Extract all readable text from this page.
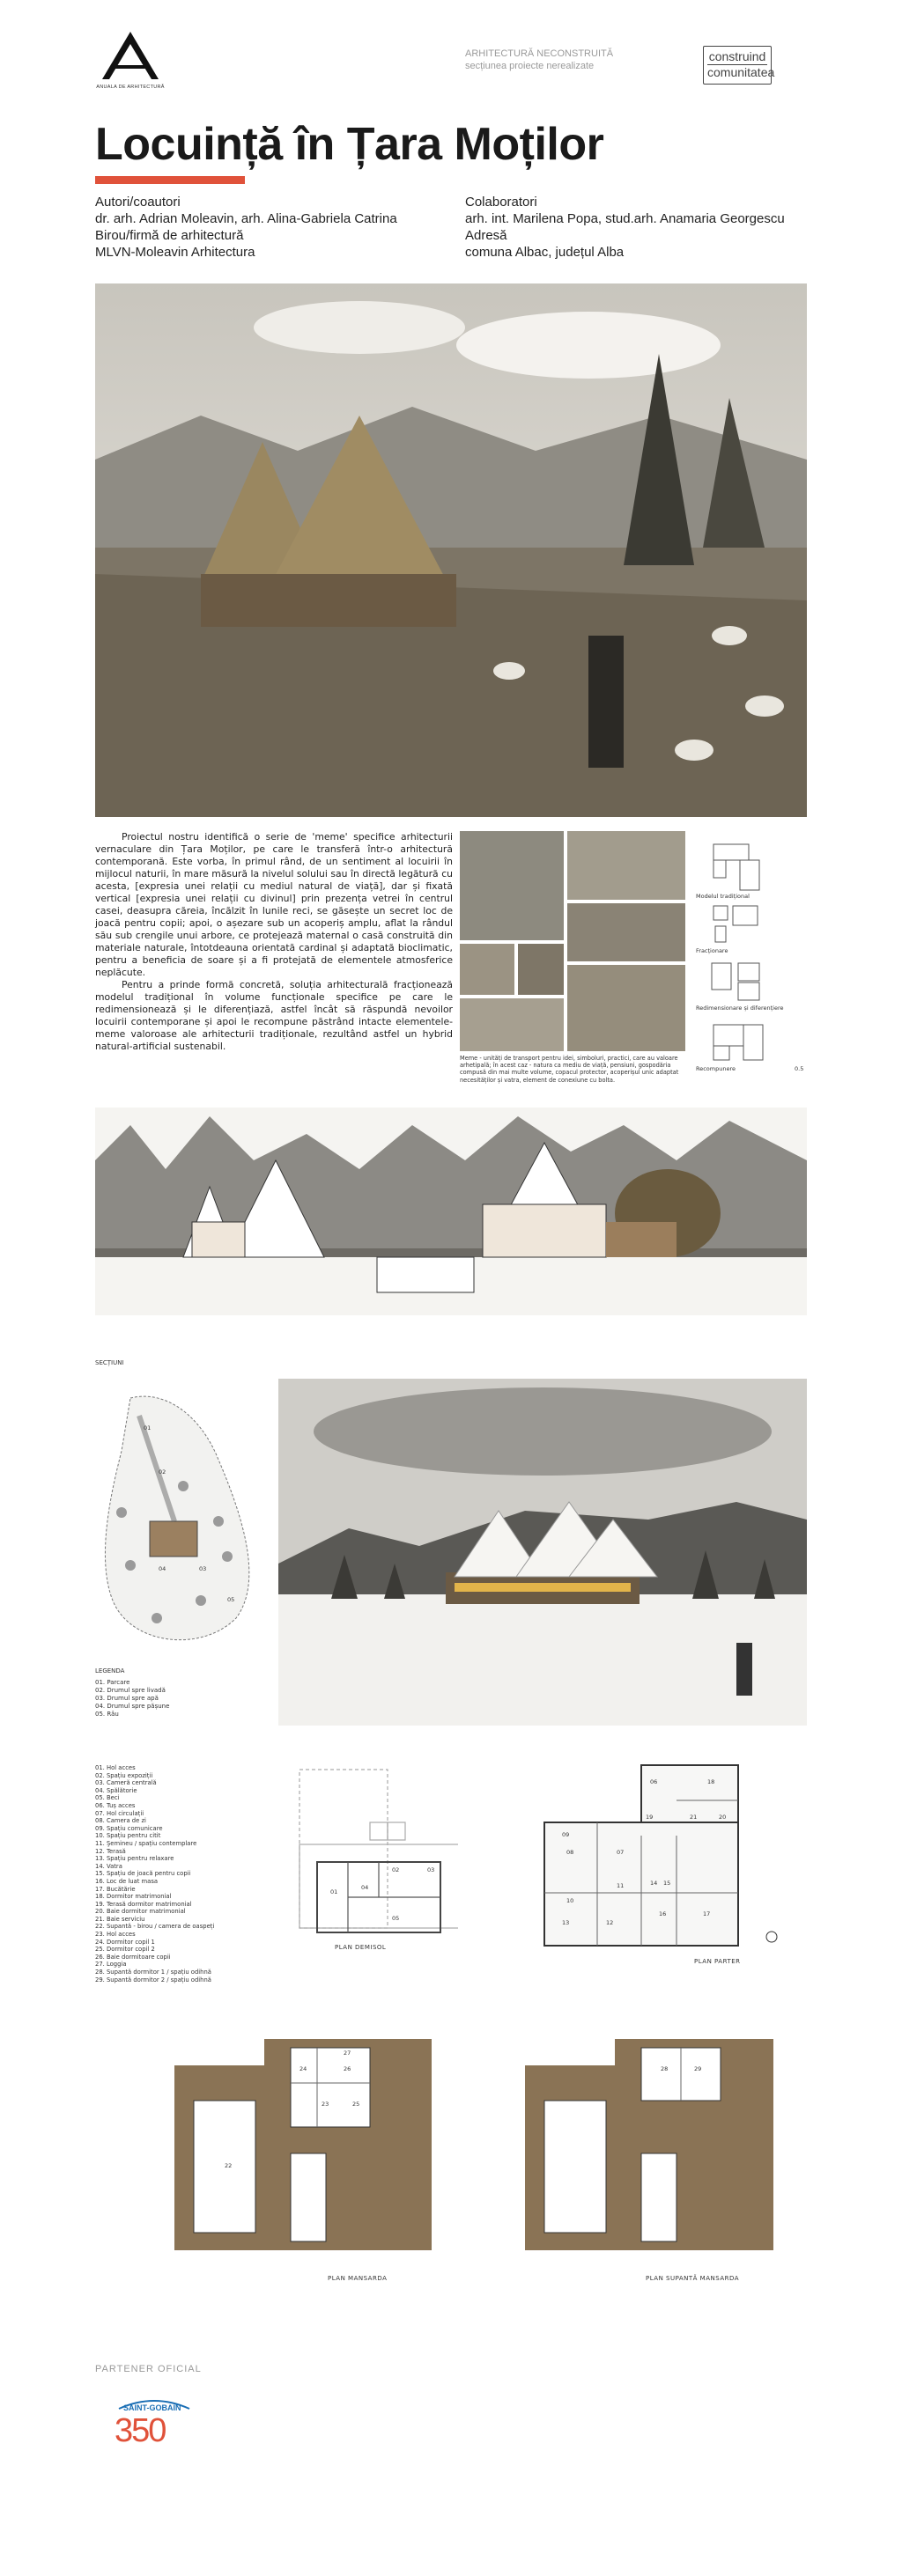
ANUALA DE ARHITECTURĂ
ARHITECTURĂ NECONSTRUITĂ
secțiunea proiecte nerealizate
construind
comunitatea
Locuință în Țara Moților
Autori/coautori
dr. arh. Adrian Moleavin, arh. Alina-Gabriela Catrina
Birou/firmă de arhitectură
MLVN-Moleavin Arhitectura
Colaboratori
arh. int. Marilena Popa, stud.arh. Anamaria Georgescu
Adresă
comuna Albac, județul Alba

Proiectul nostru identifică o serie de 'meme' specifice arhitecturii vernaculare din Țara Moților, pe care le transferă într-o arhitectură contemporană. Este vorba, în primul rând, de un sentiment al locuirii în mijlocul naturii, în mare măsură la nivelul solului sau în directă legătură cu acesta, [expresia unei relații cu mediul natural de viață], dar și fixată vertical [expresia unei relații cu divinul] prin prezența vetrei în centrul casei, deasupra căreia, încălzit în lunile reci, se găsește un secret loc de joacă pentru copii; apoi, o așezare sub un acoperiș amplu, aflat la rândul său sub crengile unui arbore, ce protejează maternal o casă construită din materiale naturale, întotdeauna orientată cardinal și adaptată bioclimatic, pentru a beneficia de soare și a fi protejată de elementele atmosferice neplăcute.

Pentru a prinde formă concretă, soluția arhitecturală fracționează modelul tradițional în volume funcționale specifice pe care le redimensionează și le diferențiază, astfel încât să răspundă nevoilor locuirii contemporane și apoi le recompune păstrând intacte elementele-meme valoroase ale arhitecturii tradiționale, rezultând astfel un hybrid natural-artificial sustenabil.

Meme - unități de transport pentru idei, simboluri, practici, care au valoare arhetipală; în acest caz - natura ca mediu de viață, pensiuni, gospodăria compusă din mai multe volume, copacul protector, acoperișul unic adaptat necesităților și vatra, element de conexiune cu bolta.
Modelul tradițional
Fracționare
Redimensionare și diferențiere
Recompunere	0.5
SECȚIUNI
01
02
03
04
05
LEGENDA
01. Parcare
02. Drumul spre livadă
03. Drumul spre apă
04. Drumul spre pășune
05. Râu
01. Hol acces
02. Spațiu expoziții
03. Cameră centrală
04. Spălătorie
05. Beci
06. Tuș acces
07. Hol circulații
08. Camera de zi
09. Spațiu comunicare
10. Spațiu pentru citit
11. Şemineu / spațiu contemplare
12. Terasă
13. Spațiu pentru relaxare
14. Vatra
15. Spațiu de joacă pentru copii
16. Loc de luat masa
17. Bucătărie
18. Dormitor matrimonial
19. Terasă dormitor matrimonial
20. Baie dormitor matrimonial
21. Baie serviciu
22. Supantă - birou / camera de oaspeți
23. Hol acces
24. Dormitor copil 1
25. Dormitor copil 2
26. Baie dormitoare copii
27. Loggia
28. Supantă dormitor 1 / spațiu odihnă
29. Supantă dormitor 2 / spațiu odihnă
01
02	03
04
05
PLAN DEMISOL
06
07
08
09
10
11
12
13
14 15
16	17
18
19	20
21
PLAN PARTER
22
23
24
25
26
27
PLAN MANSARDA
28	29
PLAN SUPANTĂ MANSARDA
PARTENER OFICIAL
SAINT-GOBAIN
350
